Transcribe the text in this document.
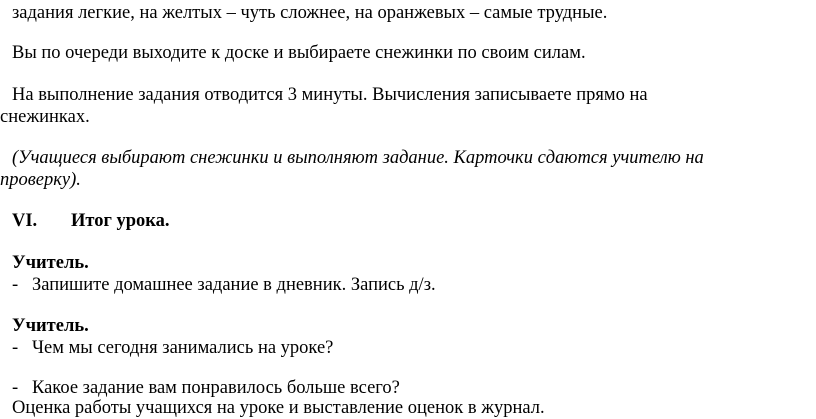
задания легкие, на желтых – чуть сложнее, на оранжевых – самые трудные.
Вы по очереди выходите к доске и выбираете снежинки по своим силам.
На выполнение задания отводится 3 минуты. Вычисления записываете прямо на
снежинках.
(Учащиеся выбирают снежинки и выполняют задание. Карточки сдаются учителю на
проверку).
VI. Итог урока.
Учитель.
- Запишите домашнее задание в дневник. Запись д/з.
Учитель.
- Чем мы сегодня занимались на уроке?
- Какое задание вам понравилось больше всего?
Оценка работы учащихся на уроке и выставление оценок в журнал.
